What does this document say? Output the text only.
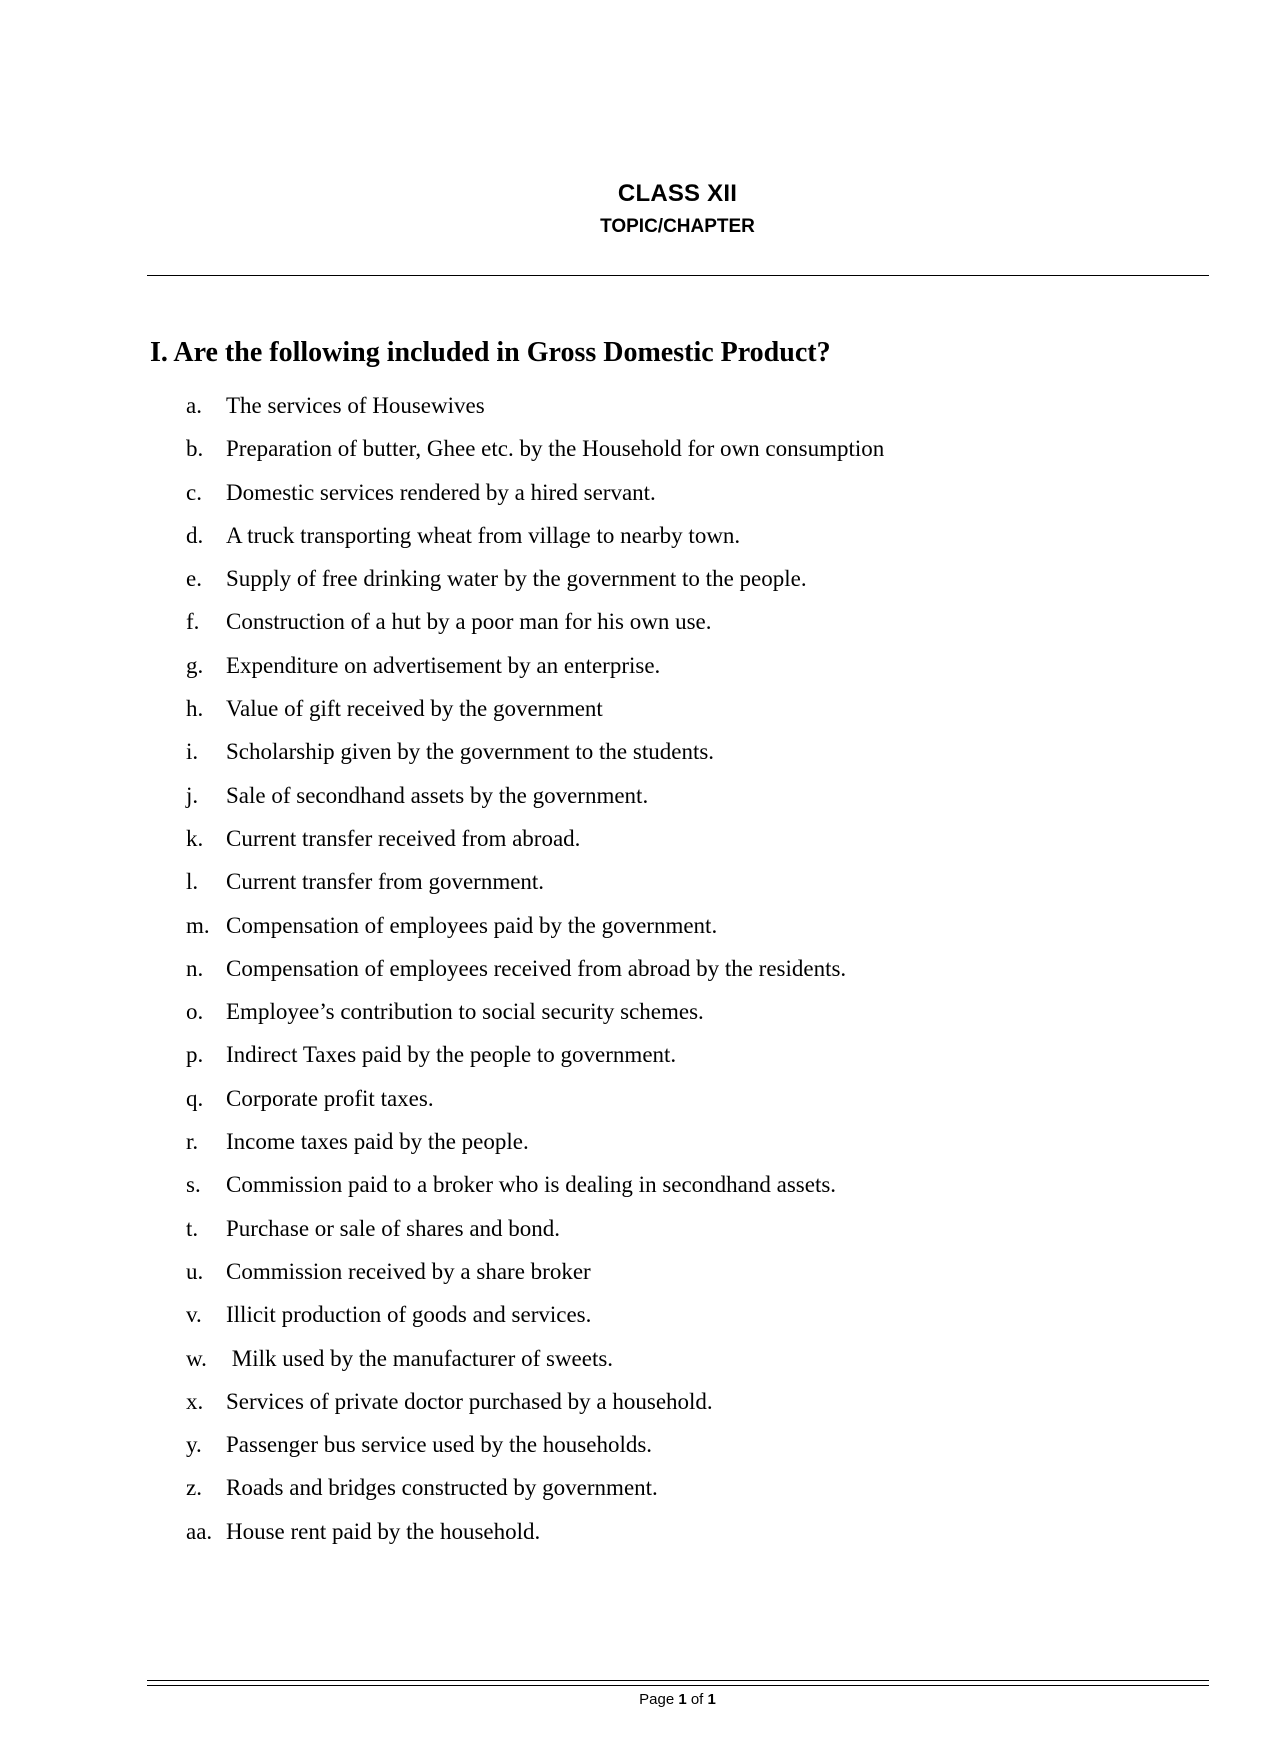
CLASS XII
TOPIC/CHAPTER
I. Are the following included in Gross Domestic Product?
a. The services of Housewives
b. Preparation of butter, Ghee etc. by the Household for own consumption
c. Domestic services rendered by a hired servant.
d. A truck transporting wheat from village to nearby town.
e. Supply of free drinking water by the government to the people.
f. Construction of a hut by a poor man for his own use.
g. Expenditure on advertisement by an enterprise.
h. Value of gift received by the government
i. Scholarship given by the government to the students.
j. Sale of secondhand assets by the government.
k. Current transfer received from abroad.
l. Current transfer from government.
m. Compensation of employees paid by the government.
n. Compensation of employees received from abroad by the residents.
o. Employee’s contribution to social security schemes.
p. Indirect Taxes paid by the people to government.
q. Corporate profit taxes.
r. Income taxes paid by the people.
s. Commission paid to a broker who is dealing in secondhand assets.
t. Purchase or sale of shares and bond.
u. Commission received by a share broker
v. Illicit production of goods and services.
w. Milk used by the manufacturer of sweets.
x. Services of private doctor purchased by a household.
y. Passenger bus service used by the households.
z. Roads and bridges constructed by government.
aa. House rent paid by the household.
Page 1 of 1
